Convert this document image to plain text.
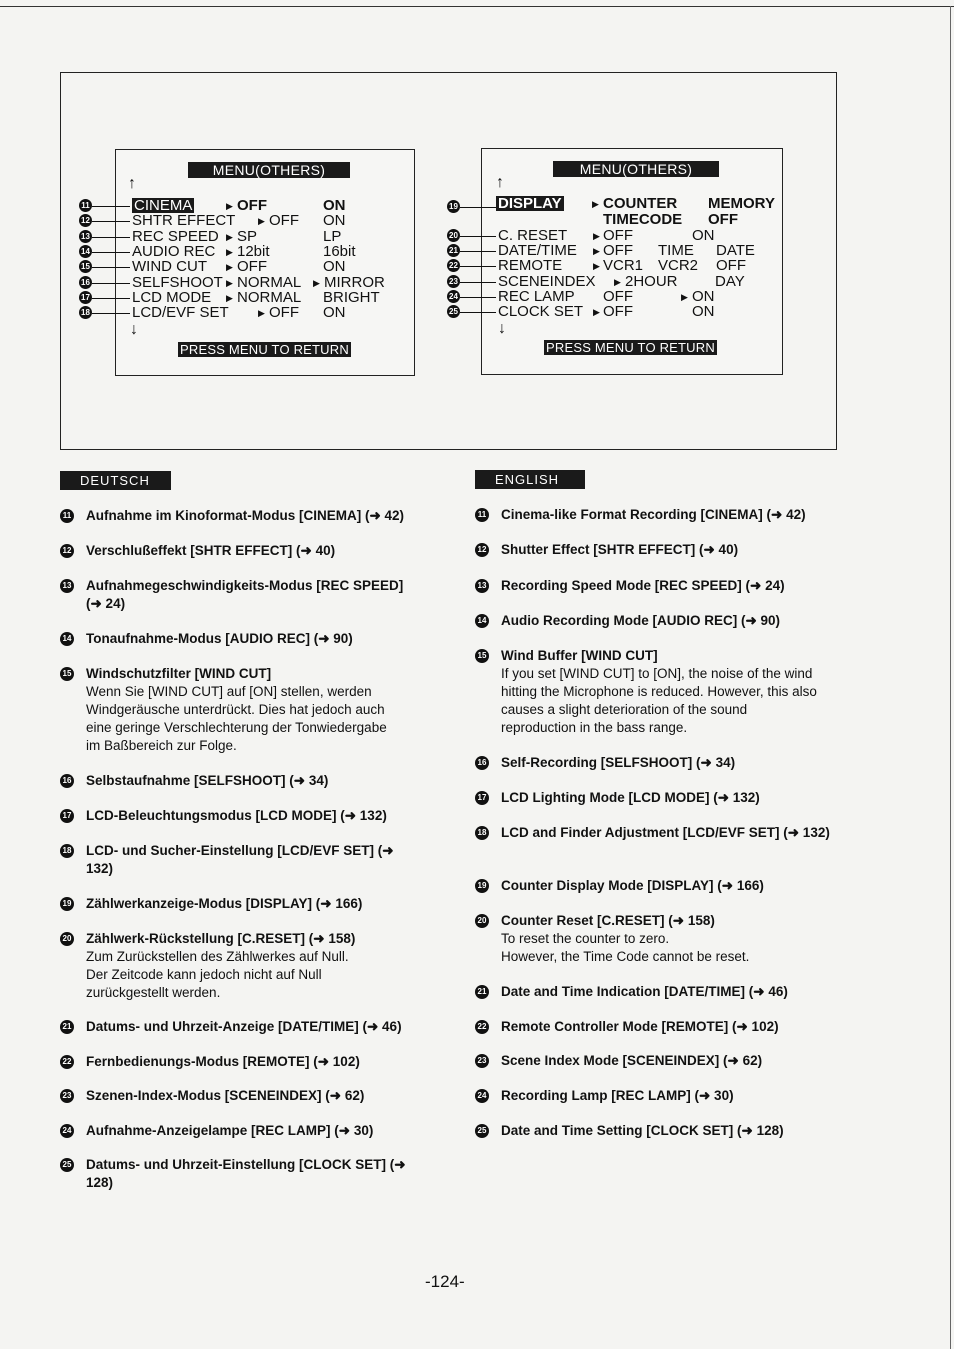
MENU(OTHERS)
↑
↓
PRESS MENU TO RETURN
11	CINEMA	▶ OFF	ON
12	SHTR EFFECT	▶ OFF ON
13	REC SPEED ▶ SP	LP
14	AUDIO REC ▶ 12bit	16bit
15	WIND CUT ▶ OFF	ON
16	SELFSHOOT ▶ NORMAL ▶ MIRROR
17	LCD MODE ▶ NORMAL BRIGHT
18	LCD/EVF SET	▶ OFF ON
MENU(OTHERS)
↑
↓
PRESS MENU TO RETURN
19	DISPLAY	▶ COUNTER MEMORY
TIMECODE OFF
20	C. RESET	▶ OFF	ON
21	DATE/TIME ▶ OFF TIME DATE
22	REMOTE	▶ VCR1 VCR2 OFF
23	SCENEINDEX ▶ 2HOUR DAY
24	REC LAMP OFF	▶ ON
25	CLOCK SET ▶ OFF	ON
DEUTSCH	ENGLISH
11 Aufnahme im Kinoformat-Modus [CINEMA] (➜ 42)
12 Verschlußeffekt [SHTR EFFECT] (➜ 40)
13 Aufnahmegeschwindigkeits-Modus [REC SPEED] (➜ 24)
14 Tonaufnahme-Modus [AUDIO REC] (➜ 90)
15 Windschutzfilter [WIND CUT]
Wenn Sie [WIND CUT] auf [ON] stellen, werden
Windgeräusche unterdrückt. Dies hat jedoch auch
eine geringe Verschlechterung der Tonwiedergabe
im Baßbereich zur Folge.
16 Selbstaufnahme [SELFSHOOT] (➜ 34)
17 LCD-Beleuchtungsmodus [LCD MODE] (➜ 132)
18 LCD- und Sucher-Einstellung [LCD/EVF SET] (➜ 132)
19 Zählwerkanzeige-Modus [DISPLAY] (➜ 166)
20 Zählwerk-Rückstellung [C.RESET] (➜ 158)
Zum Zurückstellen des Zählwerkes auf Null.
Der Zeitcode kann jedoch nicht auf Null
zurückgestellt werden.
21 Datums- und Uhrzeit-Anzeige [DATE/TIME] (➜ 46)
22 Fernbedienungs-Modus [REMOTE] (➜ 102)
23 Szenen-Index-Modus [SCENEINDEX] (➜ 62)
24 Aufnahme-Anzeigelampe [REC LAMP] (➜ 30)
25 Datums- und Uhrzeit-Einstellung [CLOCK SET] (➜ 128)
11 Cinema-like Format Recording [CINEMA] (➜ 42)
12 Shutter Effect [SHTR EFFECT] (➜ 40)
13 Recording Speed Mode [REC SPEED] (➜ 24)
14 Audio Recording Mode [AUDIO REC] (➜ 90)
15 Wind Buffer [WIND CUT]
If you set [WIND CUT] to [ON], the noise of the wind
hitting the Microphone is reduced. However, this also
causes a slight deterioration of the sound
reproduction in the bass range.
16 Self-Recording [SELFSHOOT] (➜ 34)
17 LCD Lighting Mode [LCD MODE] (➜ 132)
18 LCD and Finder Adjustment [LCD/EVF SET] (➜ 132)
19 Counter Display Mode [DISPLAY] (➜ 166)
20 Counter Reset [C.RESET] (➜ 158)
To reset the counter to zero.
However, the Time Code cannot be reset.
21 Date and Time Indication [DATE/TIME] (➜ 46)
22 Remote Controller Mode [REMOTE] (➜ 102)
23 Scene Index Mode [SCENEINDEX] (➜ 62)
24 Recording Lamp [REC LAMP] (➜ 30)
25 Date and Time Setting [CLOCK SET] (➜ 128)
-124-
